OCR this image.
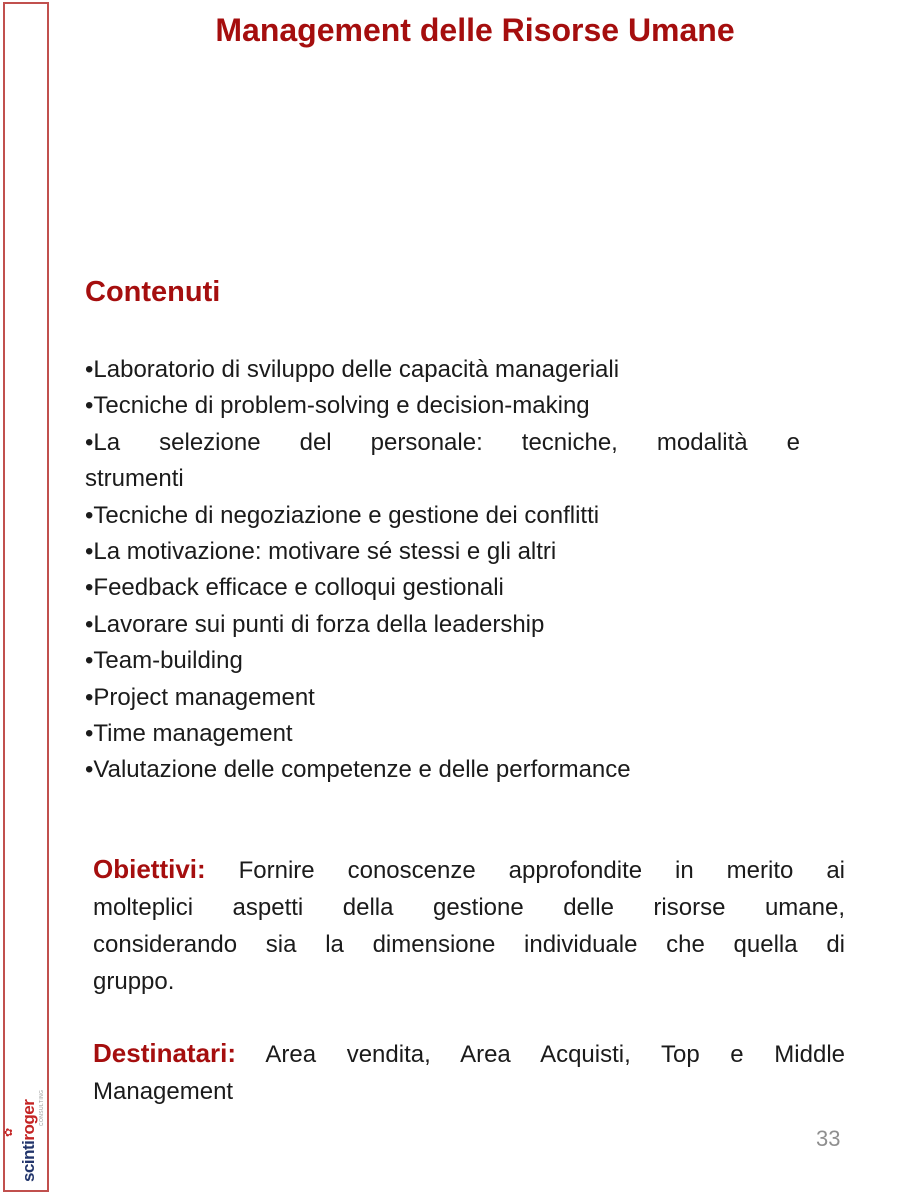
✿
scintiroger CONSULTING
Management delle Risorse Umane
Contenuti
•Laboratorio di sviluppo delle capacità manageriali
•Tecniche di problem-solving e decision-making
•La selezione del personale: tecniche, modalità e
strumenti
•Tecniche di negoziazione e gestione dei conflitti
•La motivazione: motivare sé stessi e gli altri
•Feedback efficace e colloqui gestionali
•Lavorare sui punti di forza della leadership
•Team-building
•Project management
•Time management
•Valutazione delle competenze e delle performance
Obiettivi: Fornire conoscenze approfondite in merito ai
molteplici aspetti della gestione delle risorse umane,
considerando sia la dimensione individuale che quella di
gruppo.
Destinatari: Area vendita, Area Acquisti, Top e Middle
Management
33
